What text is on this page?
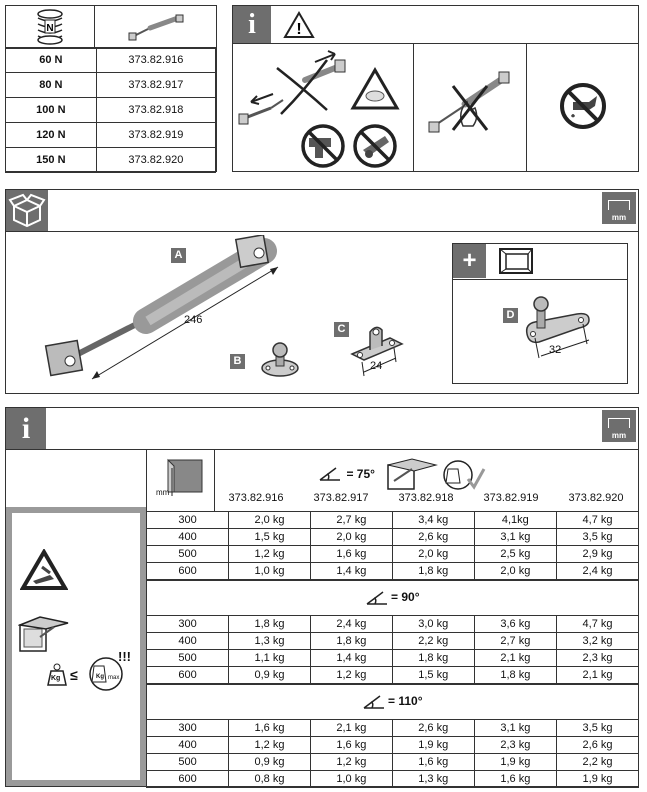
N
60 N	373.82.916
80 N	373.82.917
100 N	373.82.918
120 N	373.82.919
150 N	373.82.920
i	!
mm
246
A
B	24
C
+
32
D
i	mm
Kg ≤	Kg max !
!!!
mm
= 75°
373.82.916	373.82.917	373.82.918	373.82.919	373.82.920
300	2,0 kg	2,7 kg	3,4 kg	4,1kg	4,7 kg
400	1,5 kg	2,0 kg	2,6 kg	3,1 kg	3,5 kg
500	1,2 kg	1,6 kg	2,0 kg	2,5 kg	2,9 kg
600	1,0 kg	1,4 kg	1,8 kg	2,0 kg	2,4 kg
= 90°					
300	1,8 kg	2,4 kg	3,0 kg	3,6 kg	4,7 kg
400	1,3 kg	1,8 kg	2,2 kg	2,7 kg	3,2 kg
500	1,1 kg	1,4 kg	1,8 kg	2,1 kg	2,3 kg
600	0,9 kg	1,2 kg	1,5 kg	1,8 kg	2,1 kg
= 110°					
300	1,6 kg	2,1 kg	2,6 kg	3,1 kg	3,5 kg
400	1,2 kg	1,6 kg	1,9 kg	2,3 kg	2,6 kg
500	0,9 kg	1,2 kg	1,6 kg	1,9 kg	2,2 kg
600	0,8 kg	1,0 kg	1,3 kg	1,6 kg	1,9 kg
